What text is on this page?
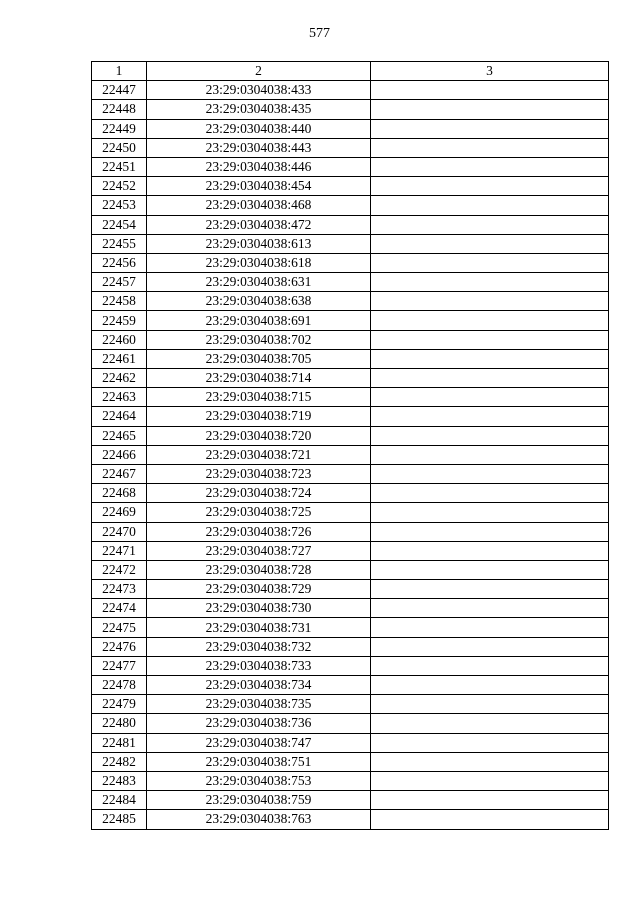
577
1	2	3
22447	23:29:0304038:433	
22448	23:29:0304038:435	
22449	23:29:0304038:440	
22450	23:29:0304038:443	
22451	23:29:0304038:446	
22452	23:29:0304038:454	
22453	23:29:0304038:468	
22454	23:29:0304038:472	
22455	23:29:0304038:613	
22456	23:29:0304038:618	
22457	23:29:0304038:631	
22458	23:29:0304038:638	
22459	23:29:0304038:691	
22460	23:29:0304038:702	
22461	23:29:0304038:705	
22462	23:29:0304038:714	
22463	23:29:0304038:715	
22464	23:29:0304038:719	
22465	23:29:0304038:720	
22466	23:29:0304038:721	
22467	23:29:0304038:723	
22468	23:29:0304038:724	
22469	23:29:0304038:725	
22470	23:29:0304038:726	
22471	23:29:0304038:727	
22472	23:29:0304038:728	
22473	23:29:0304038:729	
22474	23:29:0304038:730	
22475	23:29:0304038:731	
22476	23:29:0304038:732	
22477	23:29:0304038:733	
22478	23:29:0304038:734	
22479	23:29:0304038:735	
22480	23:29:0304038:736	
22481	23:29:0304038:747	
22482	23:29:0304038:751	
22483	23:29:0304038:753	
22484	23:29:0304038:759	
22485	23:29:0304038:763	
